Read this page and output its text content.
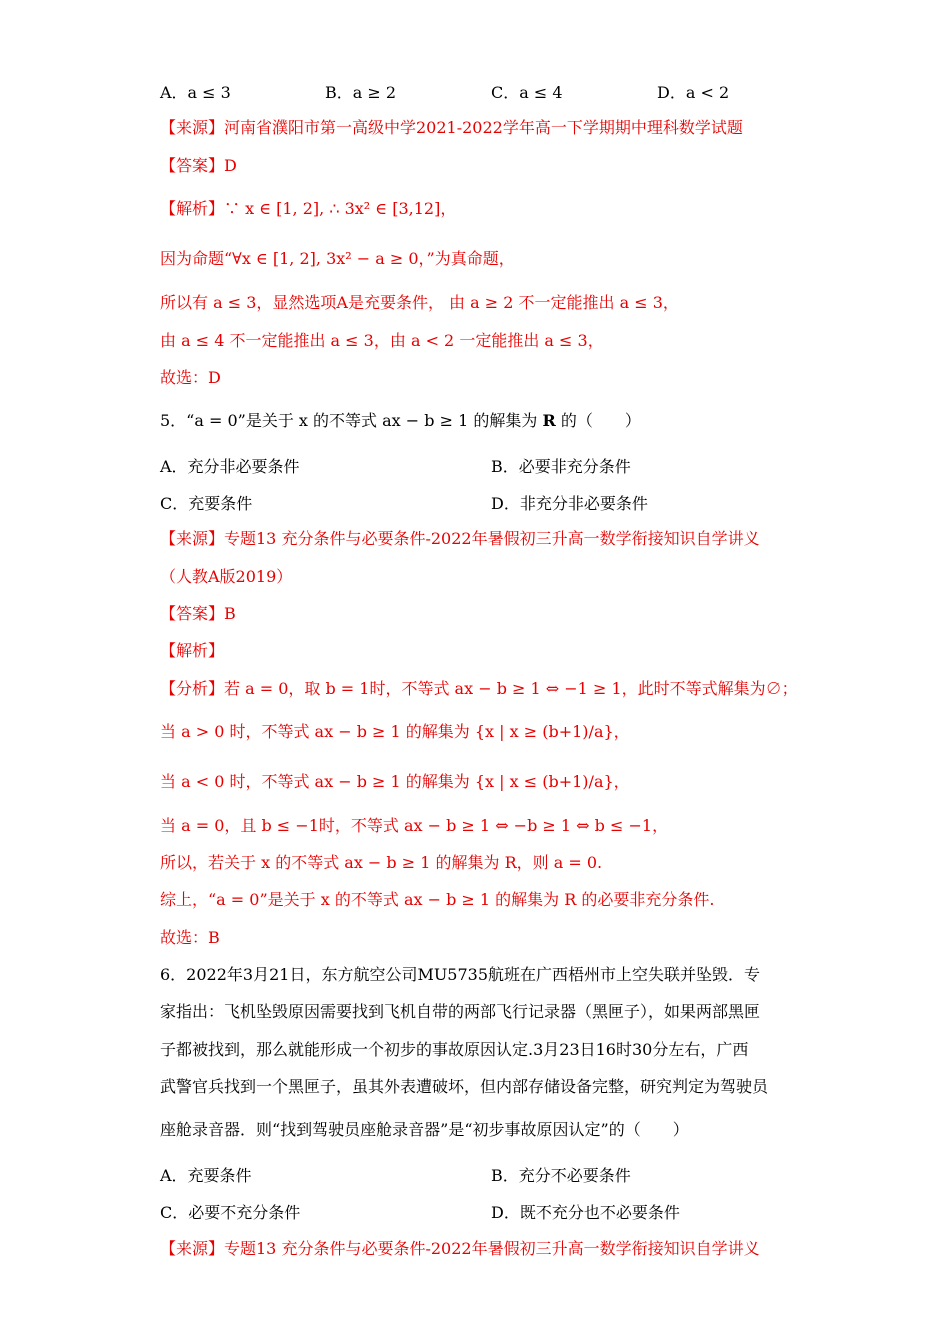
A．a ≤ 3	B．a ≥ 2	C．a ≤ 4	D．a < 2
【来源】河南省濮阳市第一高级中学2021-2022学年高一下学期期中理科数学试题
【答案】D
【解析】∵ x ∈ [1, 2], ∴ 3x² ∈ [3,12]，
因为命题“∀x ∈ [1, 2], 3x² − a ≥ 0，”为真命题，
所以有 a ≤ 3，显然选项A是充要条件， 由 a ≥ 2 不一定能推出 a ≤ 3，
由 a ≤ 4 不一定能推出 a ≤ 3，由 a < 2 一定能推出 a ≤ 3，
故选：D
5．“a = 0”是关于 x 的不等式 ax − b ≥ 1 的解集为 R 的（　　）
A．充分非必要条件	B．必要非充分条件
C．充要条件	D．非充分非必要条件
【来源】专题13 充分条件与必要条件-2022年暑假初三升高一数学衔接知识自学讲义
（人教A版2019）
【答案】B
【解析】
【分析】若 a = 0，取 b = 1时，不等式 ax − b ≥ 1 ⇔ −1 ≥ 1，此时不等式解集为∅；
当 a > 0 时，不等式 ax − b ≥ 1 的解集为 {x | x ≥ (b+1)/a}，
当 a < 0 时，不等式 ax − b ≥ 1 的解集为 {x | x ≤ (b+1)/a}，
当 a = 0，且 b ≤ −1时，不等式 ax − b ≥ 1 ⇔ −b ≥ 1 ⇔ b ≤ −1，
所以，若关于 x 的不等式 ax − b ≥ 1 的解集为 R，则 a = 0.
综上，“a = 0”是关于 x 的不等式 ax − b ≥ 1 的解集为 R 的必要非充分条件.
故选：B
6．2022年3月21日，东方航空公司MU5735航班在广西梧州市上空失联并坠毁．专
家指出：飞机坠毁原因需要找到飞机自带的两部飞行记录器（黑匣子），如果两部黑匣
子都被找到，那么就能形成一个初步的事故原因认定.3月23日16时30分左右，广西
武警官兵找到一个黑匣子，虽其外表遭破坏，但内部存储设备完整，研究判定为驾驶员
座舱录音器．则“找到驾驶员座舱录音器”是“初步事故原因认定”的（　　）
A．充要条件	B．充分不必要条件
C．必要不充分条件	D．既不充分也不必要条件
【来源】专题13 充分条件与必要条件-2022年暑假初三升高一数学衔接知识自学讲义
